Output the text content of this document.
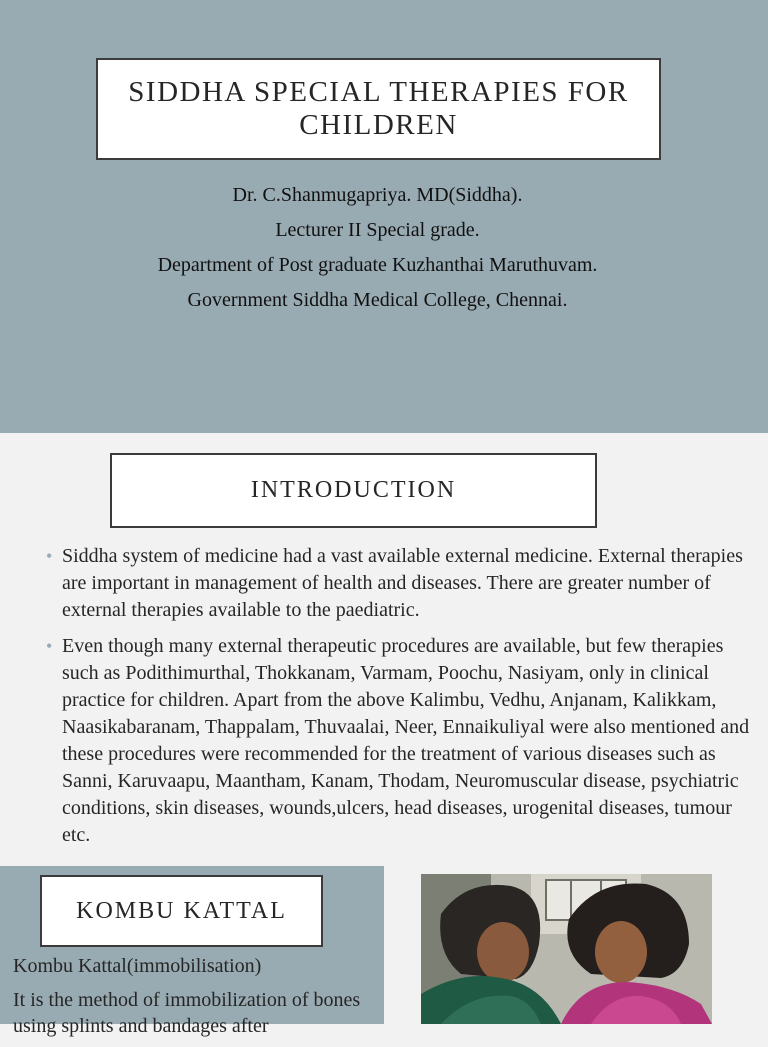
SIDDHA SPECIAL THERAPIES FOR CHILDREN
Dr. C.Shanmugapriya. MD(Siddha).
Lecturer II Special grade.
Department of Post graduate Kuzhanthai Maruthuvam.
Government Siddha Medical College, Chennai.
INTRODUCTION
• Siddha system of medicine had a vast available external medicine. External therapies are important in management of health and diseases. There are greater number of external therapies available to the paediatric.
• Even though many external therapeutic procedures are available, but few therapies such as Podithimurthal, Thokkanam, Varmam, Poochu, Nasiyam, only in clinical practice for children. Apart from the above Kalimbu, Vedhu, Anjanam, Kalikkam, Naasikabaranam, Thappalam, Thuvaalai, Neer, Ennaikuliyal were also mentioned and these procedures were recommended for the treatment of various diseases such as Sanni, Karuvaapu, Maantham, Kanam, Thodam, Neuromuscular disease, psychiatric conditions, skin diseases, wounds,ulcers, head diseases, urogenital diseases, tumour etc.
KOMBU KATTAL

Kombu Kattal(immobilisation)

It is the method of immobilization of bones using splints and bandages after
